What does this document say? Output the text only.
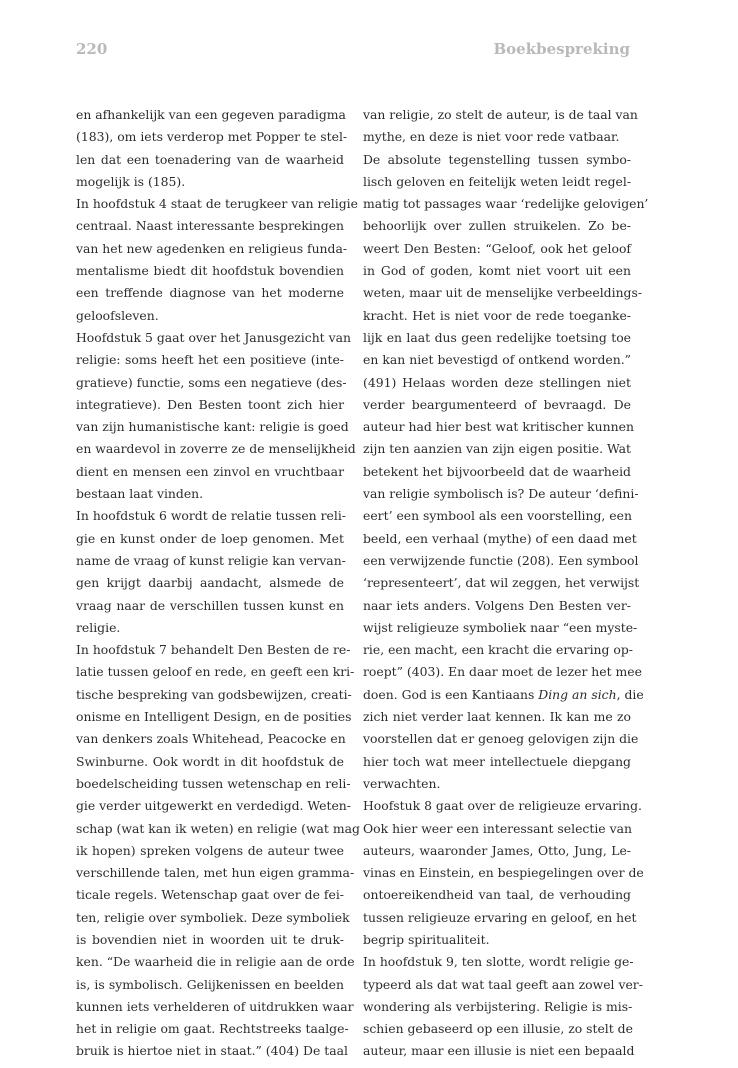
220	Boekbespreking
en afhankelijk van een gegeven paradigma
(183), om iets verderop met Popper te stel-
len dat een toenadering van de waarheid
mogelijk is (185).
In hoofdstuk 4 staat de terugkeer van religie
centraal. Naast interessante besprekingen
van het new agedenken en religieus funda-
mentalisme biedt dit hoofdstuk bovendien
een treffende diagnose van het moderne
geloofsleven.
Hoofdstuk 5 gaat over het Janusgezicht van
religie: soms heeft het een positieve (inte-
gratieve) functie, soms een negatieve (des-
integratieve). Den Besten toont zich hier
van zijn humanistische kant: religie is goed
en waardevol in zoverre ze de menselijkheid
dient en mensen een zinvol en vruchtbaar
bestaan laat vinden.
In hoofdstuk 6 wordt de relatie tussen reli-
gie en kunst onder de loep genomen. Met
name de vraag of kunst religie kan vervan-
gen krijgt daarbij aandacht, alsmede de
vraag naar de verschillen tussen kunst en
religie.
In hoofdstuk 7 behandelt Den Besten de re-
latie tussen geloof en rede, en geeft een kri-
tische bespreking van godsbewijzen, creati-
onisme en Intelligent Design, en de posities
van denkers zoals Whitehead, Peacocke en
Swinburne. Ook wordt in dit hoofdstuk de
boedelscheiding tussen wetenschap en reli-
gie verder uitgewerkt en verdedigd. Weten-
schap (wat kan ik weten) en religie (wat mag
ik hopen) spreken volgens de auteur twee
verschillende talen, met hun eigen gramma-
ticale regels. Wetenschap gaat over de fei-
ten, religie over symboliek. Deze symboliek
is bovendien niet in woorden uit te druk-
ken. “De waarheid die in religie aan de orde
is, is symbolisch. Gelijkenissen en beelden
kunnen iets verhelderen of uitdrukken waar
het in religie om gaat. Rechtstreeks taalge-
bruik is hiertoe niet in staat.” (404) De taal
van religie, zo stelt de auteur, is de taal van
mythe, en deze is niet voor rede vatbaar.
De absolute tegenstelling tussen symbo-
lisch geloven en feitelijk weten leidt regel-
matig tot passages waar ‘redelijke gelovigen’
behoorlijk over zullen struikelen. Zo be-
weert Den Besten: “Geloof, ook het geloof
in God of goden, komt niet voort uit een
weten, maar uit de menselijke verbeeldings-
kracht. Het is niet voor de rede toeganke-
lijk en laat dus geen redelijke toetsing toe
en kan niet bevestigd of ontkend worden.”
(491) Helaas worden deze stellingen niet
verder beargumenteerd of bevraagd. De
auteur had hier best wat kritischer kunnen
zijn ten aanzien van zijn eigen positie. Wat
betekent het bijvoorbeeld dat de waarheid
van religie symbolisch is? De auteur ‘defini-
eert’ een symbool als een voorstelling, een
beeld, een verhaal (mythe) of een daad met
een verwijzende functie (208). Een symbool
‘representeert’, dat wil zeggen, het verwijst
naar iets anders. Volgens Den Besten ver-
wijst religieuze symboliek naar “een myste-
rie, een macht, een kracht die ervaring op-
roept” (403). En daar moet de lezer het mee
doen. God is een Kantiaans Ding an sich, die
zich niet verder laat kennen. Ik kan me zo
voorstellen dat er genoeg gelovigen zijn die
hier toch wat meer intellectuele diepgang
verwachten.
Hoofstuk 8 gaat over de religieuze ervaring.
Ook hier weer een interessant selectie van
auteurs, waaronder James, Otto, Jung, Le-
vinas en Einstein, en bespiegelingen over de
ontoereikendheid van taal, de verhouding
tussen religieuze ervaring en geloof, en het
begrip spiritualiteit.
In hoofdstuk 9, ten slotte, wordt religie ge-
typeerd als dat wat taal geeft aan zowel ver-
wondering als verbijstering. Religie is mis-
schien gebaseerd op een illusie, zo stelt de
auteur, maar een illusie is niet een bepaald
